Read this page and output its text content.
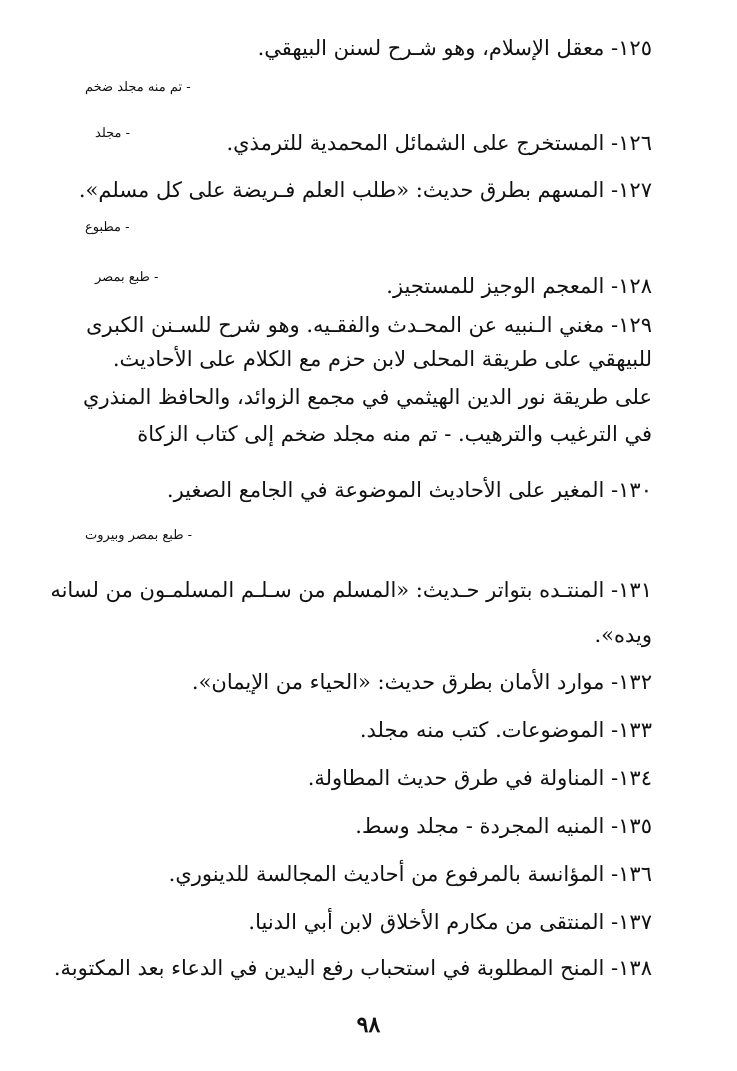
١٢٥- معقل الإسلام، وهو شـرح لسنن البيهقي.
- تم منه مجلد ضخم
١٢٦- المستخرج على الشمائل المحمدية للترمذي.
- مجلد
١٢٧- المسهم بطرق حديث: «طلب العلم فـريضة على كل مسلم».
- مطبوع
١٢٨- المعجم الوجيز للمستجيز.
- طبع بمصر
١٢٩- مغني الـنبيه عن المحـدث والفقـيه. وهو شرح للسـنن الكبرى
للبيهقي على طريقة المحلى لابن حزم مع الكلام على الأحاديث.
على طريقة نور الدين الهيثمي في مجمع الزوائد، والحافظ المنذري
في الترغيب والترهيب. - تم منه مجلد ضخم إلى كتاب الزكاة
١٣٠- المغير على الأحاديث الموضوعة في الجامع الصغير.
- طبع بمصر وبيروت
١٣١- المنتـده بتواتر حـديث: «المسلم من سـلـم المسلمـون من لسانه
ويده».
١٣٢- موارد الأمان بطرق حديث: «الحياء من الإيمان».
١٣٣- الموضوعات. كتب منه مجلد.
١٣٤- المناولة في طرق حديث المطاولة.
١٣٥- المنيه المجردة - مجلد وسط.
١٣٦- المؤانسة بالمرفوع من أحاديث المجالسة للدينوري.
١٣٧- المنتقى من مكارم الأخلاق لابن أبي الدنيا.
١٣٨- المنح المطلوبة في استحباب رفع اليدين في الدعاء بعد المكتوبة.
٩٨
